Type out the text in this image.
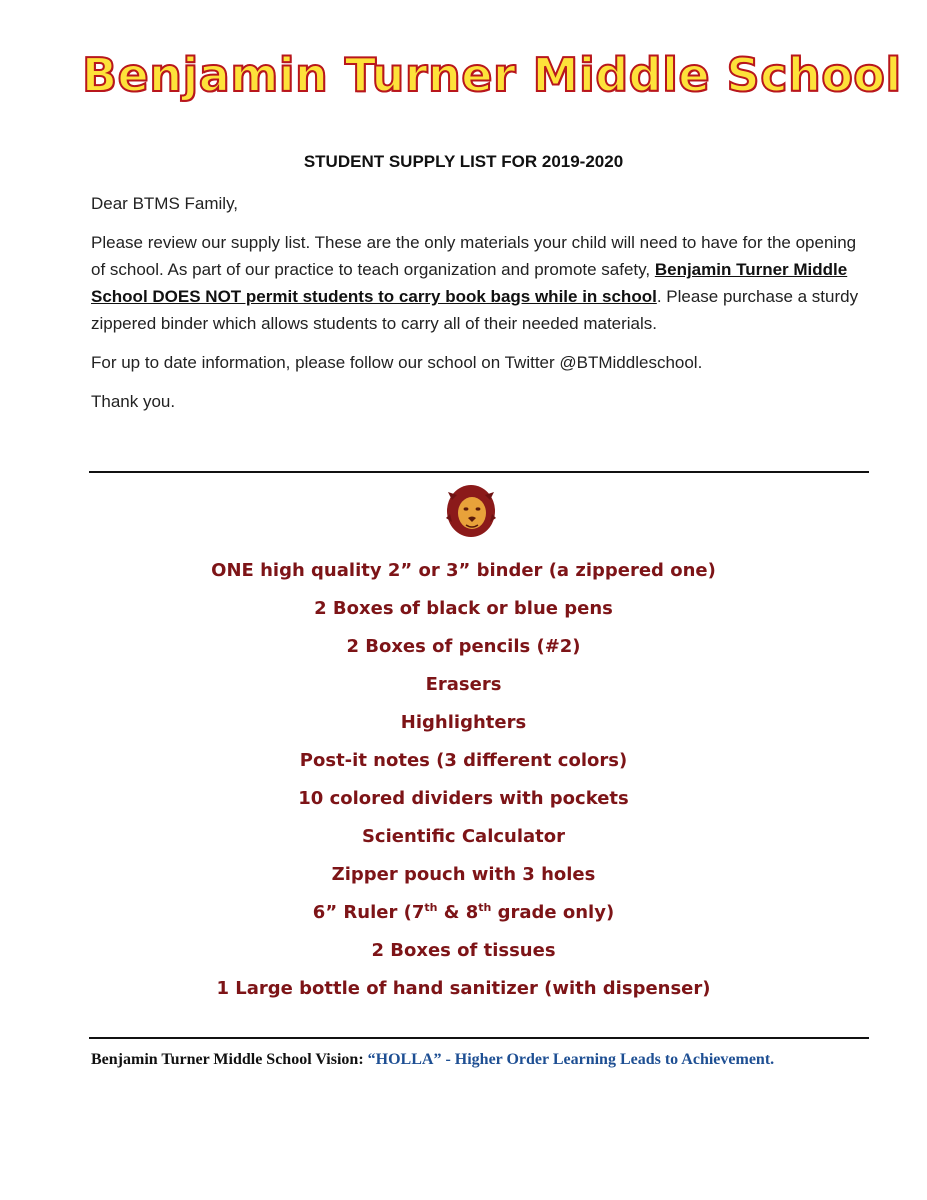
Benjamin Turner Middle School
STUDENT SUPPLY LIST FOR 2019-2020

Dear BTMS Family,

Please review our supply list. These are the only materials your child will need to have for the opening of school. As part of our practice to teach organization and promote safety, Benjamin Turner Middle School DOES NOT permit students to carry book bags while in school. Please purchase a sturdy zippered binder which allows students to carry all of their needed materials.

For up to date information, please follow our school on Twitter @BTMiddleschool.

Thank you.

ONE high quality 2” or 3” binder (a zippered one)
2 Boxes of black or blue pens
2 Boxes of pencils (#2)
Erasers
Highlighters
Post-it notes (3 different colors)
10 colored dividers with pockets
Scientific Calculator
Zipper pouch with 3 holes
6” Ruler (7th & 8th grade only)
2 Boxes of tissues
1 Large bottle of hand sanitizer (with dispenser)
Benjamin Turner Middle School Vision: “HOLLA” - Higher Order Learning Leads to Achievement.
